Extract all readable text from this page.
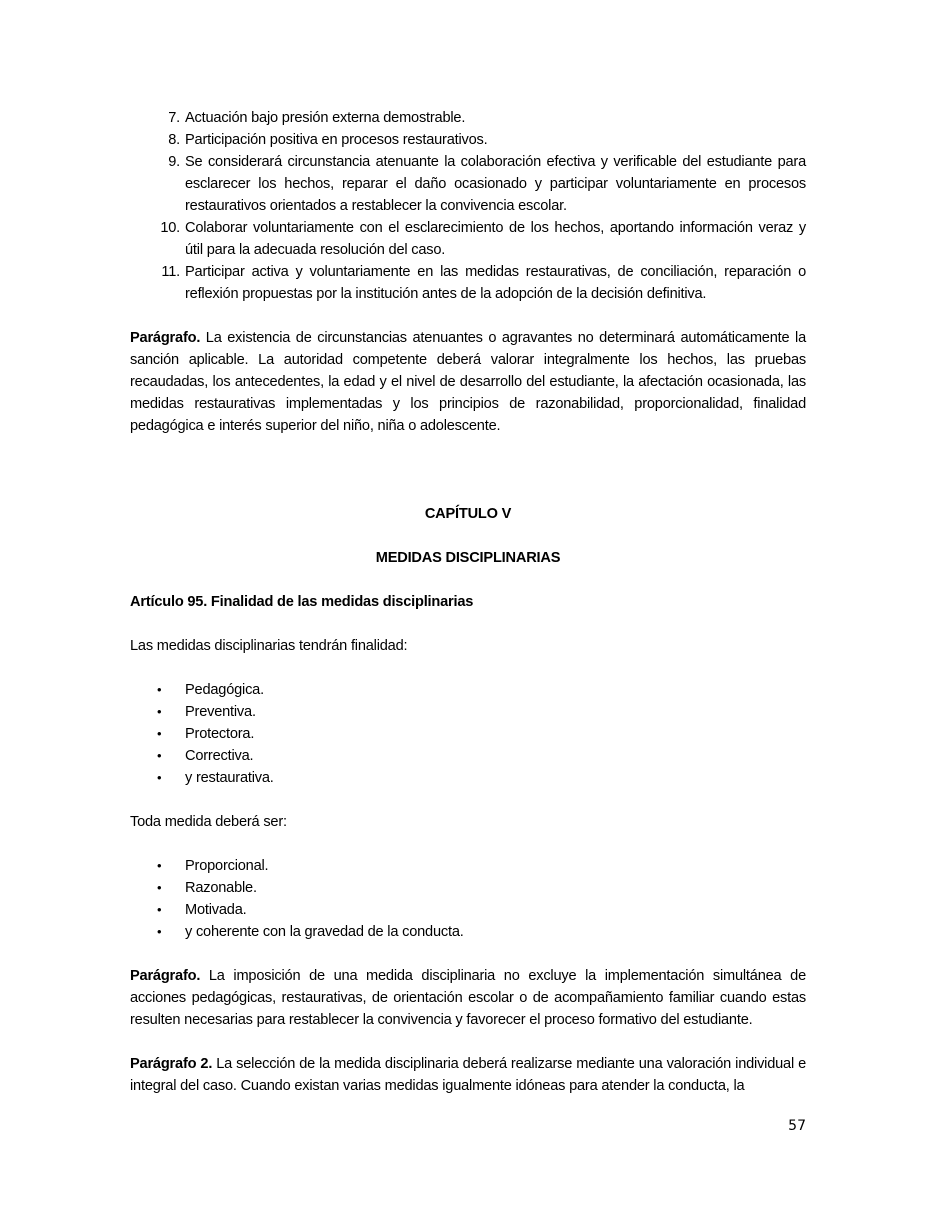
7. Actuación bajo presión externa demostrable.
8. Participación positiva en procesos restaurativos.
9. Se considerará circunstancia atenuante la colaboración efectiva y verificable del estudiante para esclarecer los hechos, reparar el daño ocasionado y participar voluntariamente en procesos restaurativos orientados a restablecer la convivencia escolar.
10. Colaborar voluntariamente con el esclarecimiento de los hechos, aportando información veraz y útil para la adecuada resolución del caso.
11. Participar activa y voluntariamente en las medidas restaurativas, de conciliación, reparación o reflexión propuestas por la institución antes de la adopción de la decisión definitiva.

Parágrafo. La existencia de circunstancias atenuantes o agravantes no determinará automáticamente la sanción aplicable. La autoridad competente deberá valorar integralmente los hechos, las pruebas recaudadas, los antecedentes, la edad y el nivel de desarrollo del estudiante, la afectación ocasionada, las medidas restaurativas implementadas y los principios de razonabilidad, proporcionalidad, finalidad pedagógica e interés superior del niño, niña o adolescente.

CAPÍTULO V

MEDIDAS DISCIPLINARIAS

Artículo 95. Finalidad de las medidas disciplinarias

Las medidas disciplinarias tendrán finalidad:

• Pedagógica.
• Preventiva.
• Protectora.
• Correctiva.
• y restaurativa.

Toda medida deberá ser:

• Proporcional.
• Razonable.
• Motivada.
• y coherente con la gravedad de la conducta.

Parágrafo. La imposición de una medida disciplinaria no excluye la implementación simultánea de acciones pedagógicas, restaurativas, de orientación escolar o de acompañamiento familiar cuando estas resulten necesarias para restablecer la convivencia y favorecer el proceso formativo del estudiante.

Parágrafo 2. La selección de la medida disciplinaria deberá realizarse mediante una valoración individual e integral del caso. Cuando existan varias medidas igualmente idóneas para atender la conducta, la

57
